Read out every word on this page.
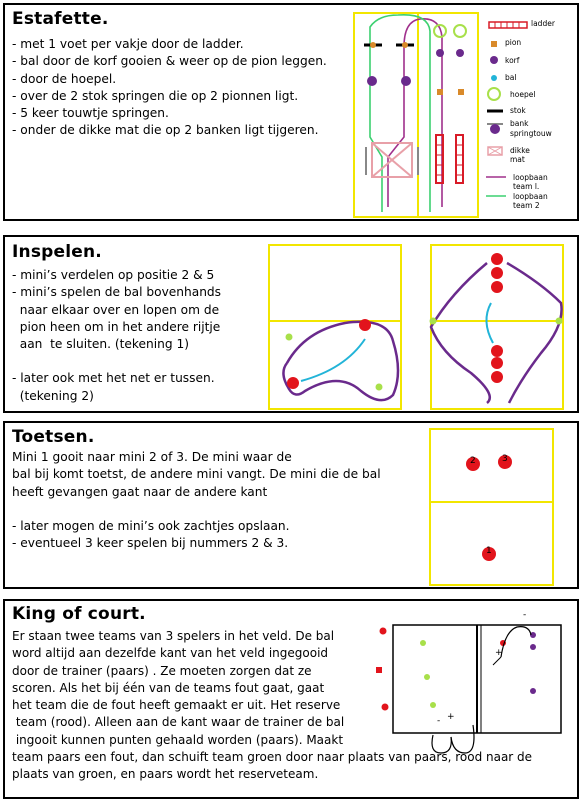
Estafette.
- met 1 voet per vakje door de ladder.
- bal door de korf gooien & weer op de pion leggen.
- door de hoepel.
- over de 2 stok springen die op 2 pionnen ligt.
- 5 keer touwtje springen.
- onder de dikke mat die op 2 banken ligt tijgeren.
ladder
pion
korf
bal
hoepel
stok
bank
springtouw
dikke mat
loopbaan team l.
loopbaan team 2
Inspelen.
- mini’s verdelen op positie 2 & 5
- mini’s spelen de bal bovenhands
naar elkaar over en lopen om de
pion heen om in het andere rijtje
aan  te sluiten. (tekening 1)
- later ook met het net er tussen.
(tekening 2)
Toetsen.
Mini 1 gooit naar mini 2 of 3. De mini waar de
bal bij komt toetst, de andere mini vangt. De mini die de bal
heeft gevangen gaat naar de andere kant
- later mogen de mini’s ook zachtjes opslaan.
- eventueel 3 keer spelen bij nummers 2 & 3.
2	3
1
King of court.
Er staan twee teams van 3 spelers in het veld. De bal
word altijd aan dezelfde kant van het veld ingegooid
door de trainer (paars) . Ze moeten zorgen dat ze
scoren. Als het bij één van de teams fout gaat, gaat
het team die de fout heeft gemaakt er uit. Het reserve
team (rood). Alleen aan de kant waar de trainer de bal
ingooit kunnen punten gehaald worden (paars). Maakt
team paars een fout, dan schuift team groen door naar plaats van paars, rood naar de
plaats van groen, en paars wordt het reserveteam.
+
- +
-
